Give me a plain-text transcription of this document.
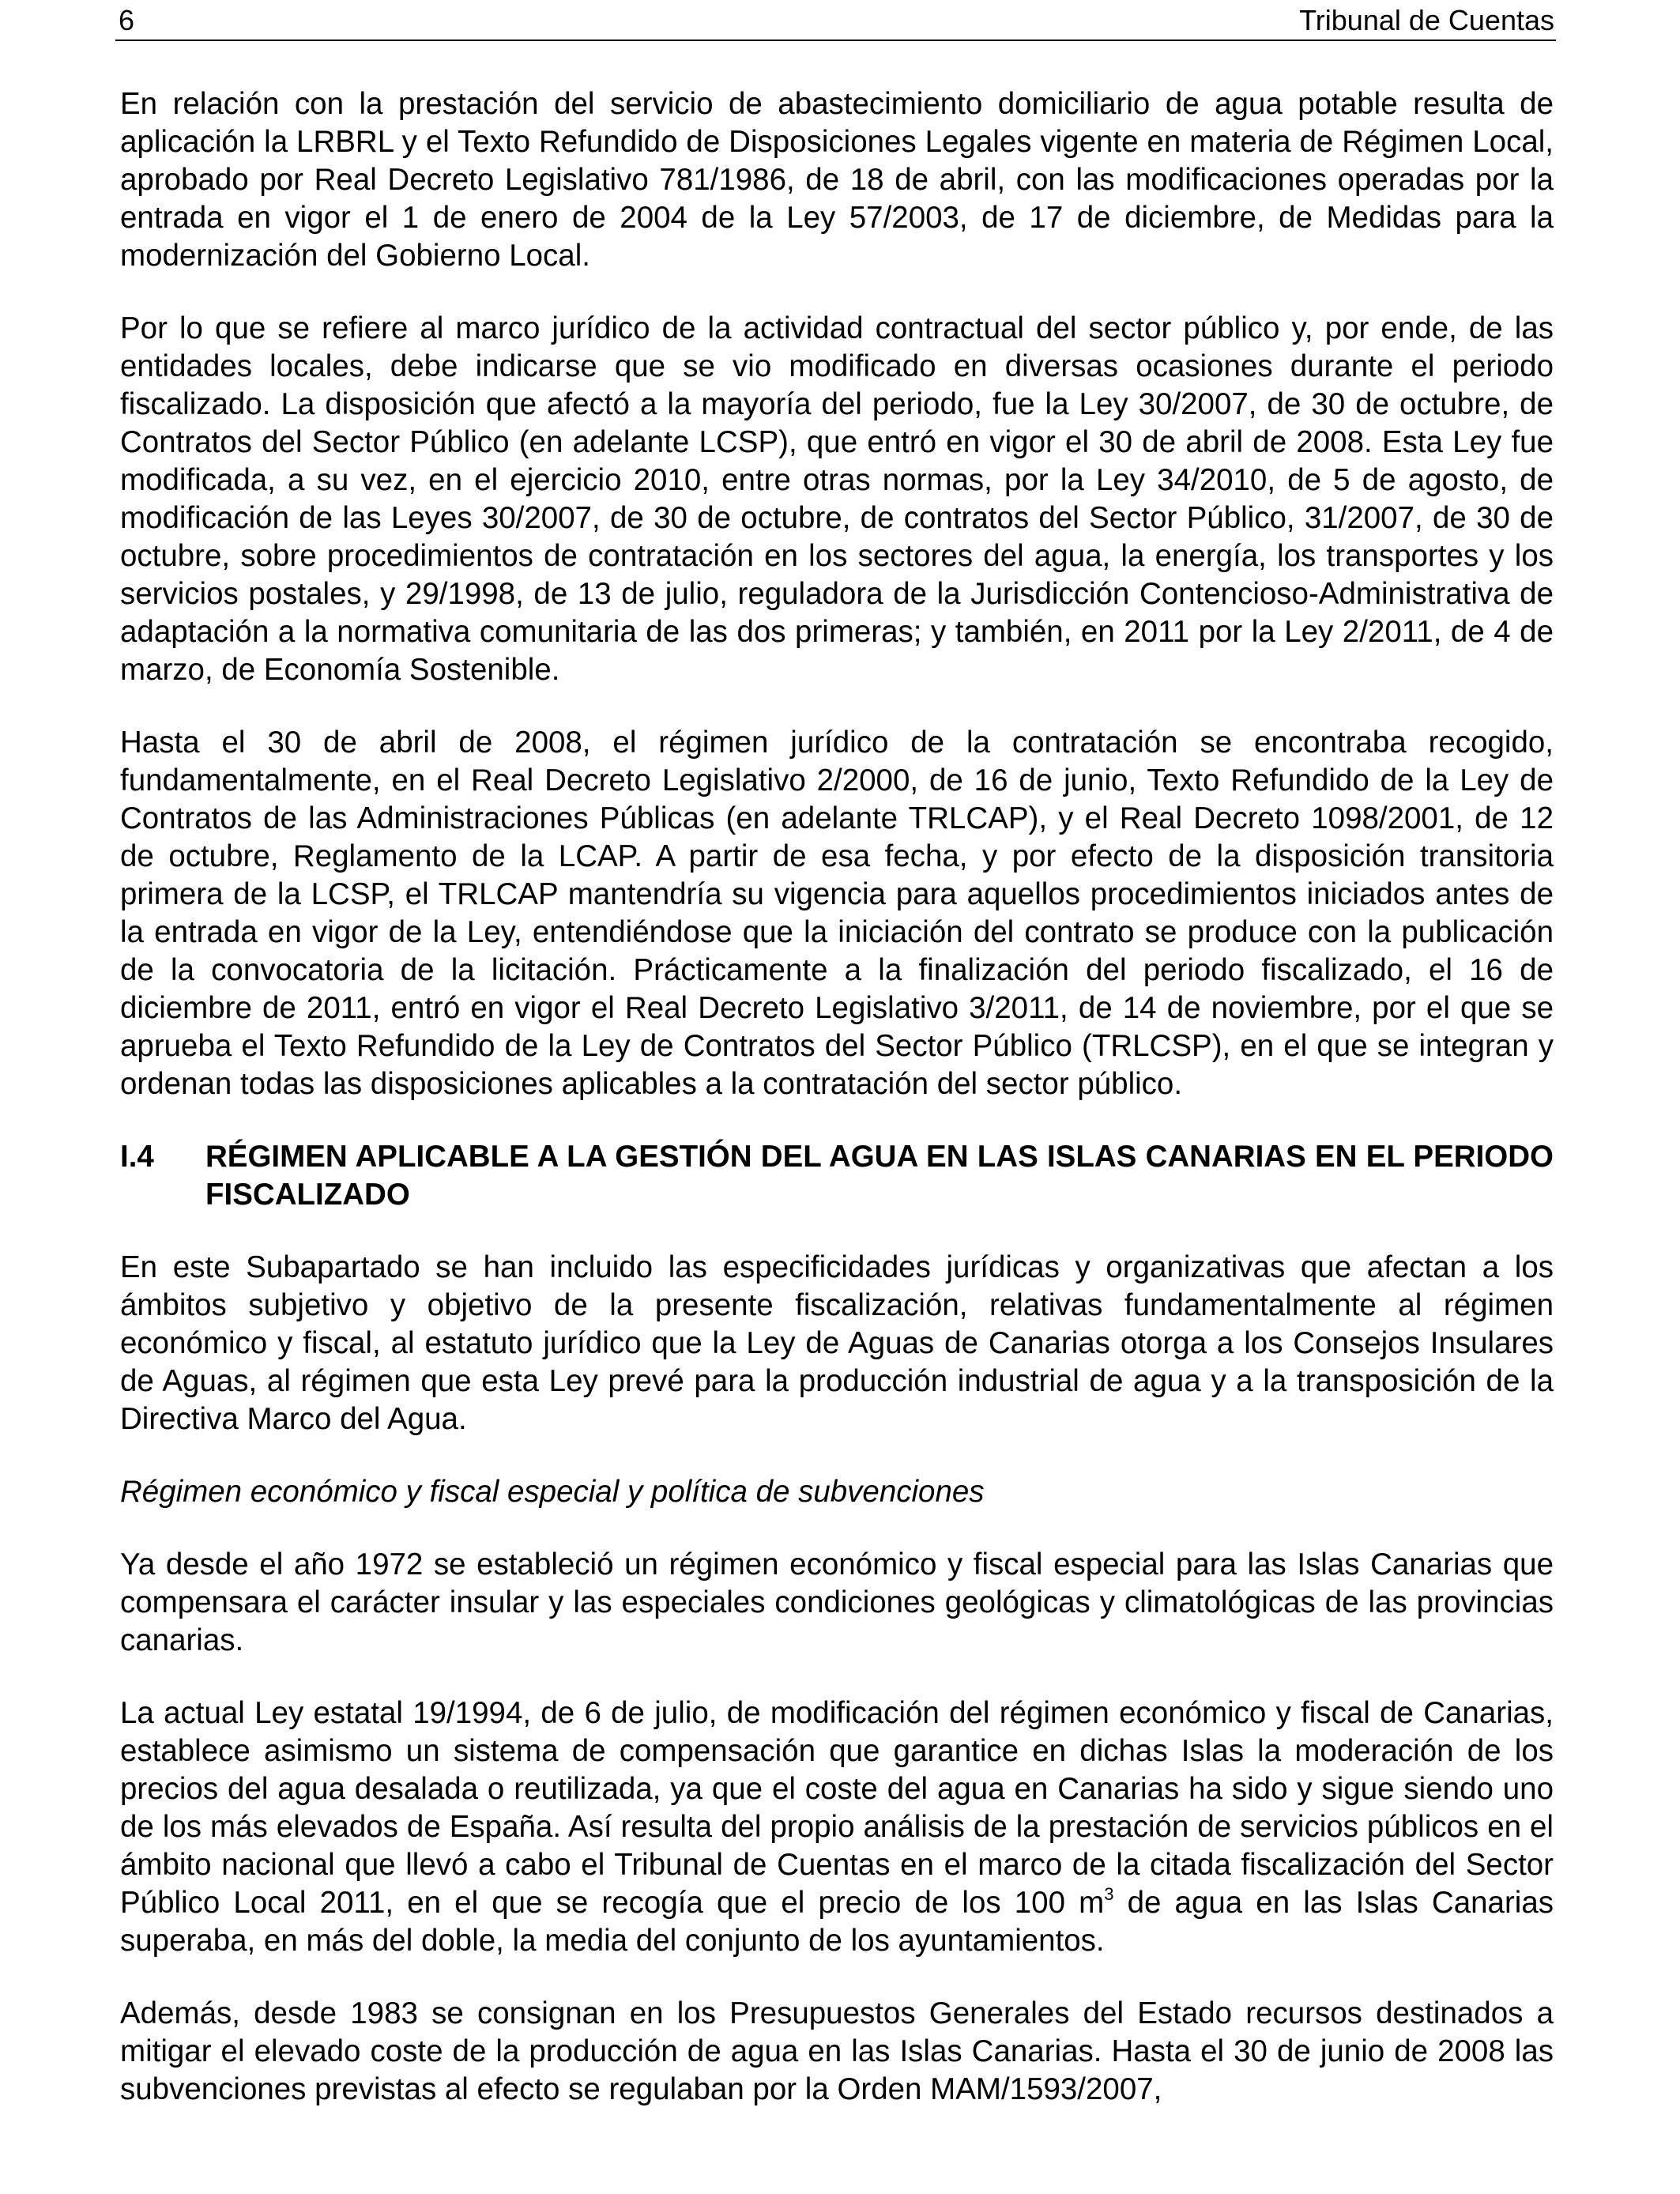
6	Tribunal de Cuentas

En relación con la prestación del servicio de abastecimiento domiciliario de agua potable resulta de aplicación la LRBRL y el Texto Refundido de Disposiciones Legales vigente en materia de Régimen Local, aprobado por Real Decreto Legislativo 781/1986, de 18 de abril, con las modificaciones operadas por la entrada en vigor el 1 de enero de 2004 de la Ley 57/2003, de 17 de diciembre, de Medidas para la modernización del Gobierno Local.

Por lo que se refiere al marco jurídico de la actividad contractual del sector público y, por ende, de las entidades locales, debe indicarse que se vio modificado en diversas ocasiones durante el periodo fiscalizado. La disposición que afectó a la mayoría del periodo, fue la Ley 30/2007, de 30 de octubre, de Contratos del Sector Público (en adelante LCSP), que entró en vigor el 30 de abril de 2008. Esta Ley fue modificada, a su vez, en el ejercicio 2010, entre otras normas, por la Ley 34/2010, de 5 de agosto, de modificación de las Leyes 30/2007, de 30 de octubre, de contratos del Sector Público, 31/2007, de 30 de octubre, sobre procedimientos de contratación en los sectores del agua, la energía, los transportes y los servicios postales, y 29/1998, de 13 de julio, reguladora de la Jurisdicción Contencioso-Administrativa de adaptación a la normativa comunitaria de las dos primeras; y también, en 2011 por la Ley 2/2011, de 4 de marzo, de Economía Sostenible.

Hasta el 30 de abril de 2008, el régimen jurídico de la contratación se encontraba recogido, fundamentalmente, en el Real Decreto Legislativo 2/2000, de 16 de junio, Texto Refundido de la Ley de Contratos de las Administraciones Públicas (en adelante TRLCAP), y el Real Decreto 1098/2001, de 12 de octubre, Reglamento de la LCAP. A partir de esa fecha, y por efecto de la disposición transitoria primera de la LCSP, el TRLCAP mantendría su vigencia para aquellos procedimientos iniciados antes de la entrada en vigor de la Ley, entendiéndose que la iniciación del contrato se produce con la publicación de la convocatoria de la licitación. Prácticamente a la finalización del periodo fiscalizado, el 16 de diciembre de 2011, entró en vigor el Real Decreto Legislativo 3/2011, de 14 de noviembre, por el que se aprueba el Texto Refundido de la Ley de Contratos del Sector Público (TRLCSP), en el que se integran y ordenan todas las disposiciones aplicables a la contratación del sector público.

I.4	RÉGIMEN APLICABLE A LA GESTIÓN DEL AGUA EN LAS ISLAS CANARIAS EN EL PERIODO FISCALIZADO

En este Subapartado se han incluido las especificidades jurídicas y organizativas que afectan a los ámbitos subjetivo y objetivo de la presente fiscalización, relativas fundamentalmente al régimen económico y fiscal, al estatuto jurídico que la Ley de Aguas de Canarias otorga a los Consejos Insulares de Aguas, al régimen que esta Ley prevé para la producción industrial de agua y a la transposición de la Directiva Marco del Agua.

Régimen económico y fiscal especial y política de subvenciones

Ya desde el año 1972 se estableció un régimen económico y fiscal especial para las Islas Canarias que compensara el carácter insular y las especiales condiciones geológicas y climatológicas de las provincias canarias.

La actual Ley estatal 19/1994, de 6 de julio, de modificación del régimen económico y fiscal de Canarias, establece asimismo un sistema de compensación que garantice en dichas Islas la moderación de los precios del agua desalada o reutilizada, ya que el coste del agua en Canarias ha sido y sigue siendo uno de los más elevados de España. Así resulta del propio análisis de la prestación de servicios públicos en el ámbito nacional que llevó a cabo el Tribunal de Cuentas en el marco de la citada fiscalización del Sector Público Local 2011, en el que se recogía que el precio de los 100 $m^3$ de agua en las Islas Canarias superaba, en más del doble, la media del conjunto de los ayuntamientos.

Además, desde 1983 se consignan en los Presupuestos Generales del Estado recursos destinados a mitigar el elevado coste de la producción de agua en las Islas Canarias. Hasta el 30 de junio de 2008 las subvenciones previstas al efecto se regulaban por la Orden MAM/1593/2007,
